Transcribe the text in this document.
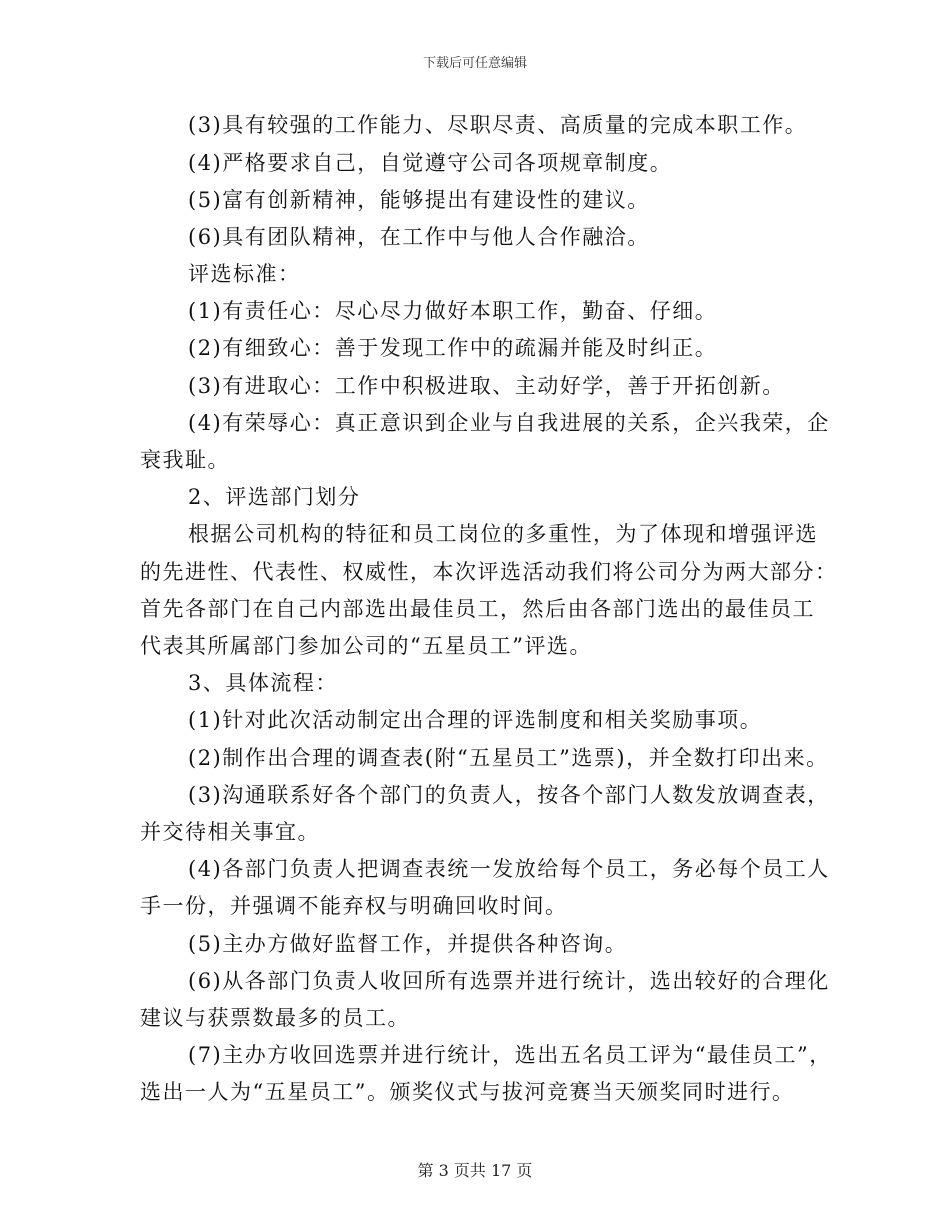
下载后可任意编辑
(3)具有较强的工作能力、尽职尽责、高质量的完成本职工作。
(4)严格要求自己，自觉遵守公司各项规章制度。
(5)富有创新精神，能够提出有建设性的建议。
(6)具有团队精神，在工作中与他人合作融洽。
评选标准：
(1)有责任心：尽心尽力做好本职工作，勤奋、仔细。
(2)有细致心：善于发现工作中的疏漏并能及时纠正。
(3)有进取心：工作中积极进取、主动好学，善于开拓创新。
(4)有荣辱心：真正意识到企业与自我进展的关系，企兴我荣，企
衰我耻。
2、评选部门划分
根据公司机构的特征和员工岗位的多重性，为了体现和增强评选
的先进性、代表性、权威性，本次评选活动我们将公司分为两大部分：
首先各部门在自己内部选出最佳员工，然后由各部门选出的最佳员工
代表其所属部门参加公司的“五星员工”评选。
3、具体流程：
(1)针对此次活动制定出合理的评选制度和相关奖励事项。
(2)制作出合理的调查表(附“五星员工”选票)，并全数打印出来。
(3)沟通联系好各个部门的负责人，按各个部门人数发放调查表，
并交待相关事宜。
(4)各部门负责人把调查表统一发放给每个员工，务必每个员工人
手一份，并强调不能弃权与明确回收时间。
(5)主办方做好监督工作，并提供各种咨询。
(6)从各部门负责人收回所有选票并进行统计，选出较好的合理化
建议与获票数最多的员工。
(7)主办方收回选票并进行统计，选出五名员工评为“最佳员工”，
选出一人为“五星员工”。颁奖仪式与拔河竞赛当天颁奖同时进行。
第 3 页共 17 页
